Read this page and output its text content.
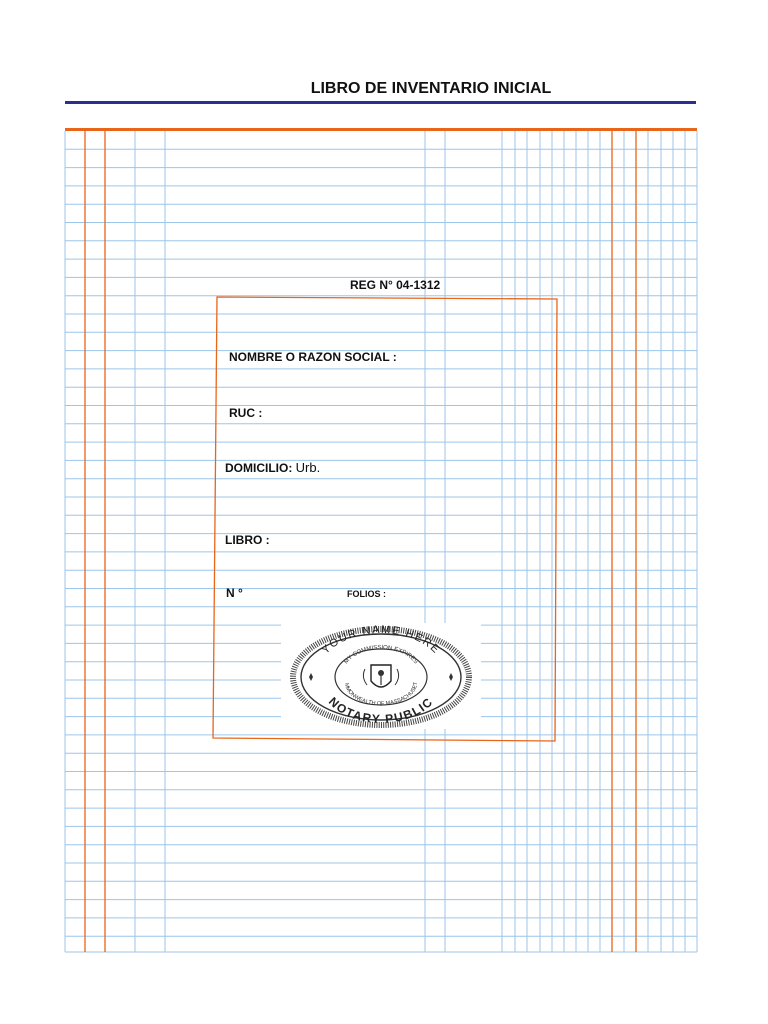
LIBRO DE INVENTARIO INICIAL
REG N° 04-1312
NOMBRE O RAZON SOCIAL :
RUC :
DOMICILIO: Urb.
LIBRO :
N °	FOLIOS :
YOUR NAME HERE
NOTARY PUBLIC
MY COMMISSION EXPIRES
MMONWEALTH OF MASSACHUSET
